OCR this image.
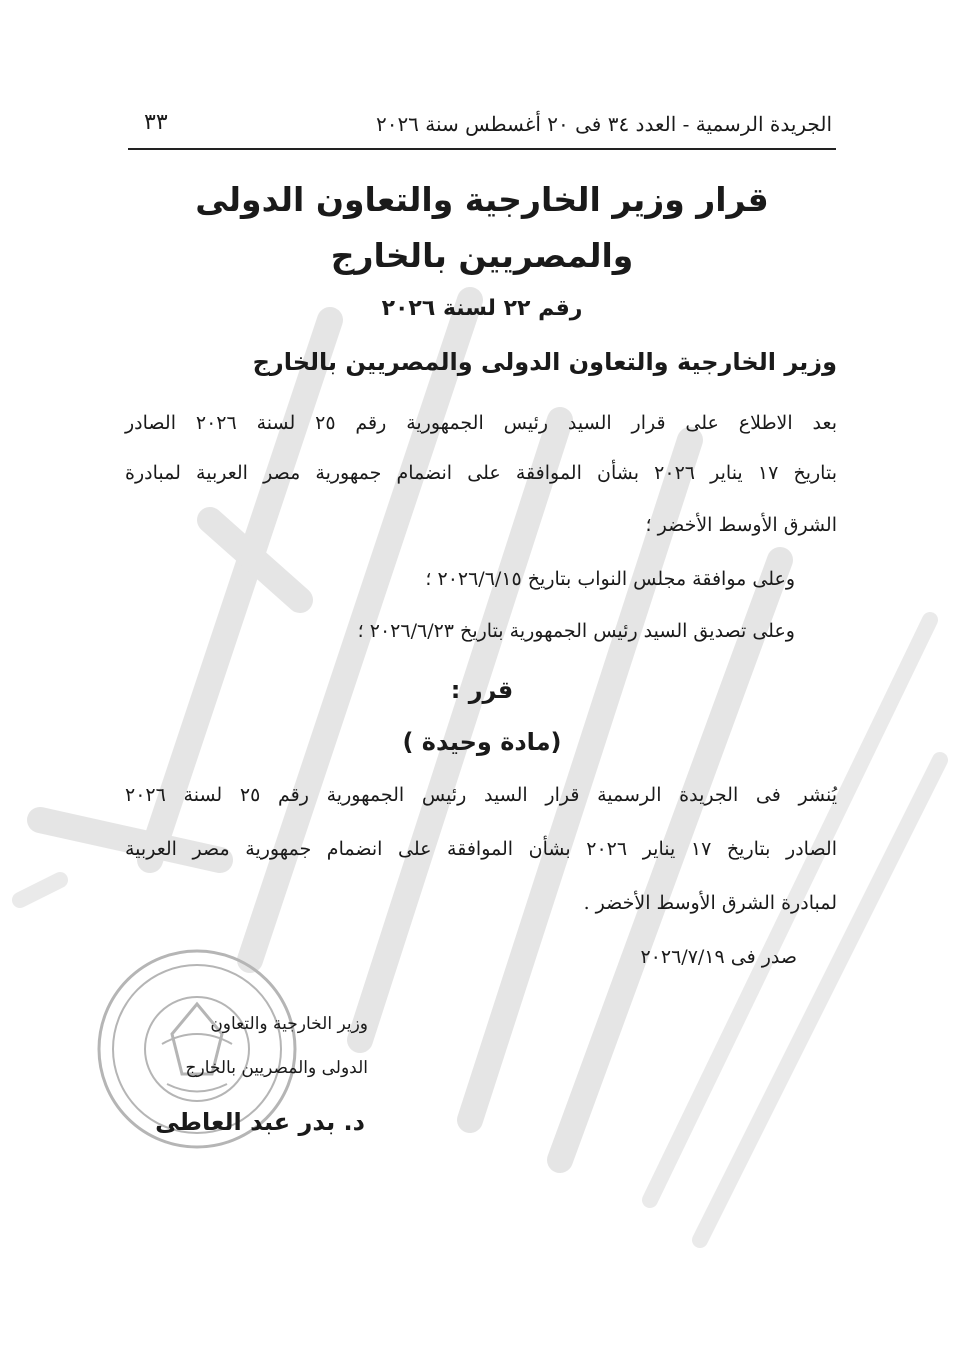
الجريدة الرسمية - العدد ٣٤ فى ٢٠ أغسطس سنة ٢٠٢٦
٣٣
قرار وزير الخارجية والتعاون الدولى
والمصريين بالخارج
رقم ٢٢ لسنة ٢٠٢٦
وزير الخارجية والتعاون الدولى والمصريين بالخارج
بعد الاطلاع على قرار السيد رئيس الجمهورية رقم ٢٥ لسنة ٢٠٢٦ الصادر
بتاريخ ١٧ يناير ٢٠٢٦ بشأن الموافقة على انضمام جمهورية مصر العربية لمبادرة
الشرق الأوسط الأخضر ؛
وعلى موافقة مجلس النواب بتاريخ ٢٠٢٦/٦/١٥ ؛
وعلى تصديق السيد رئيس الجمهورية بتاريخ ٢٠٢٦/٦/٢٣ ؛
قرر :
(مادة وحيدة )
يُنشر فى الجريدة الرسمية قرار السيد رئيس الجمهورية رقم ٢٥ لسنة ٢٠٢٦
الصادر بتاريخ ١٧ يناير ٢٠٢٦ بشأن الموافقة على انضمام جمهورية مصر العربية
لمبادرة الشرق الأوسط الأخضر .
صدر فى ٢٠٢٦/٧/١٩
وزير الخارجية والتعاون
الدولى والمصريين بالخارج
د. بدر عبد العاطى
